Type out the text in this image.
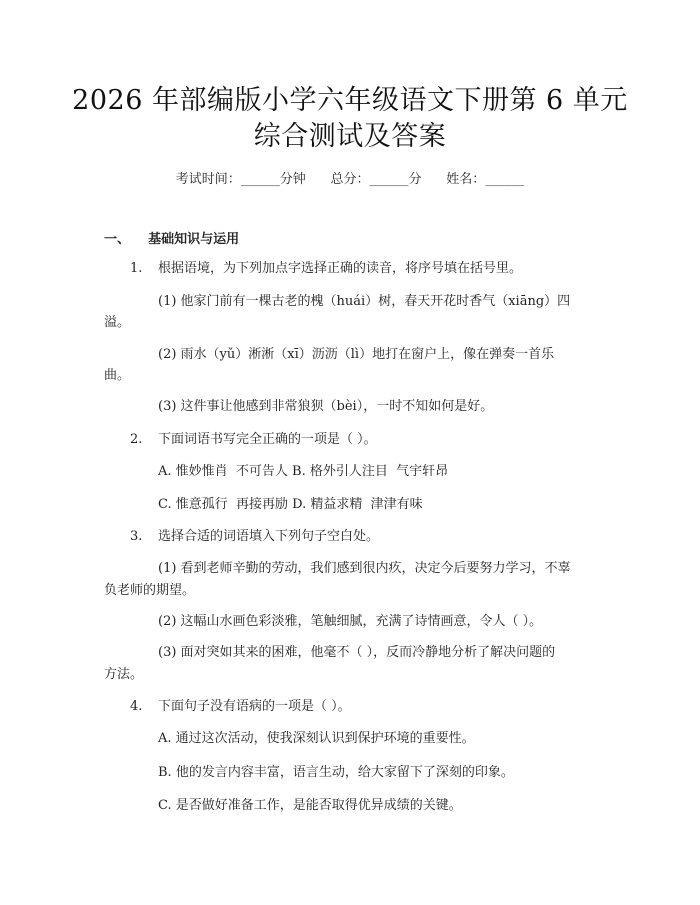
2026 年部编版小学六年级语文下册第 6 单元
综合测试及答案
考试时间：______分钟      总分：______分      姓名：______
一、    基础知识与运用
1. 根据语境，为下列加点字选择正确的读音，将序号填在括号里。
(1) 他家门前有一棵古老的槐（huái）树，春天开花时香气（xiāng）四
溢。
(2) 雨水（yǔ）淅淅（xī）沥沥（lì）地打在窗户上，像在弹奏一首乐
曲。
(3) 这件事让他感到非常狼狈（bèi），一时不知如何是好。
2. 下面词语书写完全正确的一项是（ ）。
A. 惟妙惟肖  不可告人 B. 格外引人注目  气宇轩昂
C. 惟意孤行  再接再励 D. 精益求精  津津有味
3. 选择合适的词语填入下列句子空白处。
(1) 看到老师辛勤的劳动，我们感到很内疚，决定今后要努力学习，不辜
负老师的期望。
(2) 这幅山水画色彩淡雅，笔触细腻，充满了诗情画意，令人（ ）。
(3) 面对突如其来的困难，他毫不（ ），反而冷静地分析了解决问题的
方法。
4. 下面句子没有语病的一项是（ ）。
A. 通过这次活动，使我深刻认识到保护环境的重要性。
B. 他的发言内容丰富，语言生动，给大家留下了深刻的印象。
C. 是否做好准备工作，是能否取得优异成绩的关键。
